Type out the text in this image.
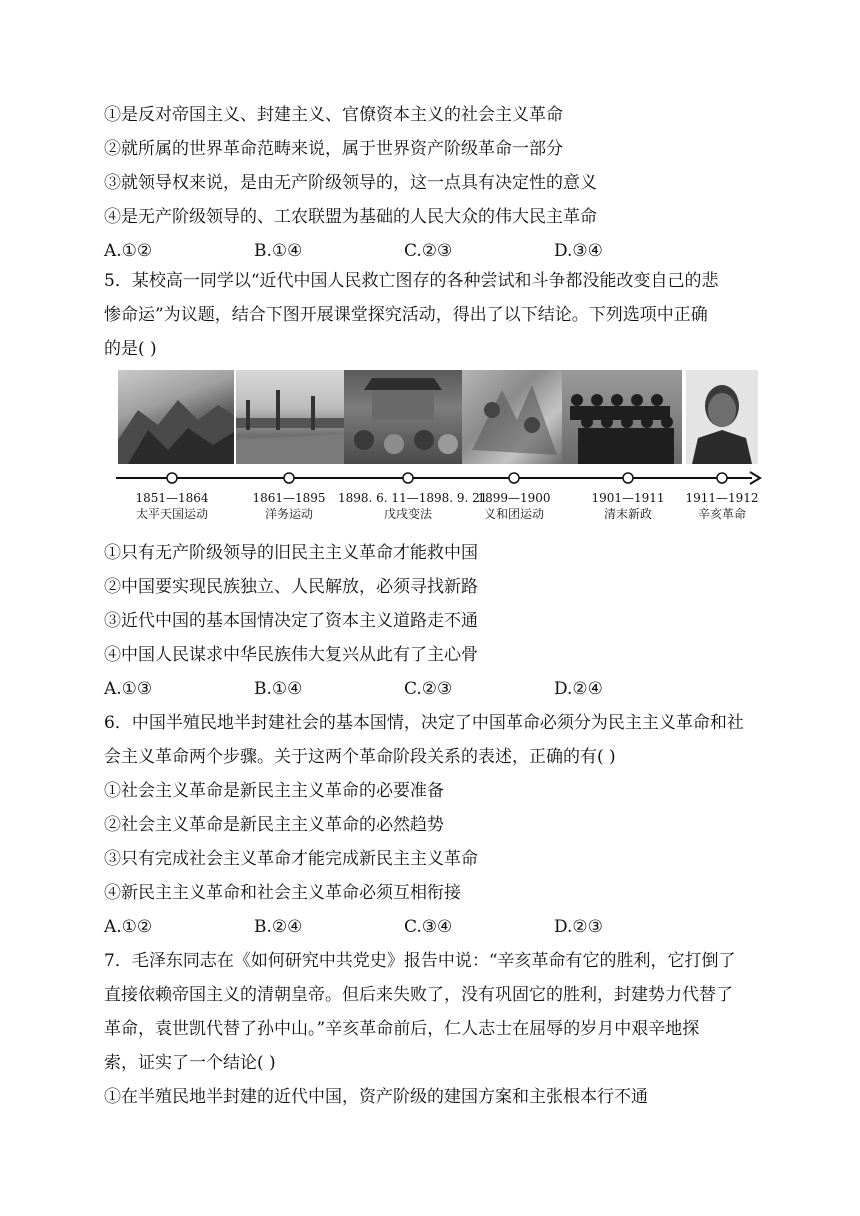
①是反对帝国主义、封建主义、官僚资本主义的社会主义革命
②就所属的世界革命范畴来说，属于世界资产阶级革命一部分
③就领导权来说，是由无产阶级领导的，这一点具有决定性的意义
④是无产阶级领导的、工农联盟为基础的人民大众的伟大民主革命
A.①②	B.①④	C.②③	D.③④
5．某校高一同学以“近代中国人民救亡图存的各种尝试和斗争都没能改变自己的悲
惨命运”为议题，结合下图开展课堂探究活动，得出了以下结论。下列选项中正确
的是( )
1851—1864
太平天国运动
1861—1895
洋务运动
1898. 6. 11—1898. 9. 21
戊戌变法
1899—1900
义和团运动
1901—1911
清末新政
1911—1912
辛亥革命
①只有无产阶级领导的旧民主主义革命才能救中国
②中国要实现民族独立、人民解放，必须寻找新路
③近代中国的基本国情决定了资本主义道路走不通
④中国人民谋求中华民族伟大复兴从此有了主心骨
A.①③	B.①④	C.②③	D.②④
6．中国半殖民地半封建社会的基本国情，决定了中国革命必须分为民主主义革命和社
会主义革命两个步骤。关于这两个革命阶段关系的表述，正确的有( )
①社会主义革命是新民主主义革命的必要准备
②社会主义革命是新民主主义革命的必然趋势
③只有完成社会主义革命才能完成新民主主义革命
④新民主主义革命和社会主义革命必须互相衔接
A.①②	B.②④	C.③④	D.②③
7．毛泽东同志在《如何研究中共党史》报告中说：“辛亥革命有它的胜利，它打倒了
直接依赖帝国主义的清朝皇帝。但后来失败了，没有巩固它的胜利，封建势力代替了
革命，袁世凯代替了孙中山。”辛亥革命前后，仁人志士在屈辱的岁月中艰辛地探
索，证实了一个结论( )
①在半殖民地半封建的近代中国，资产阶级的建国方案和主张根本行不通
